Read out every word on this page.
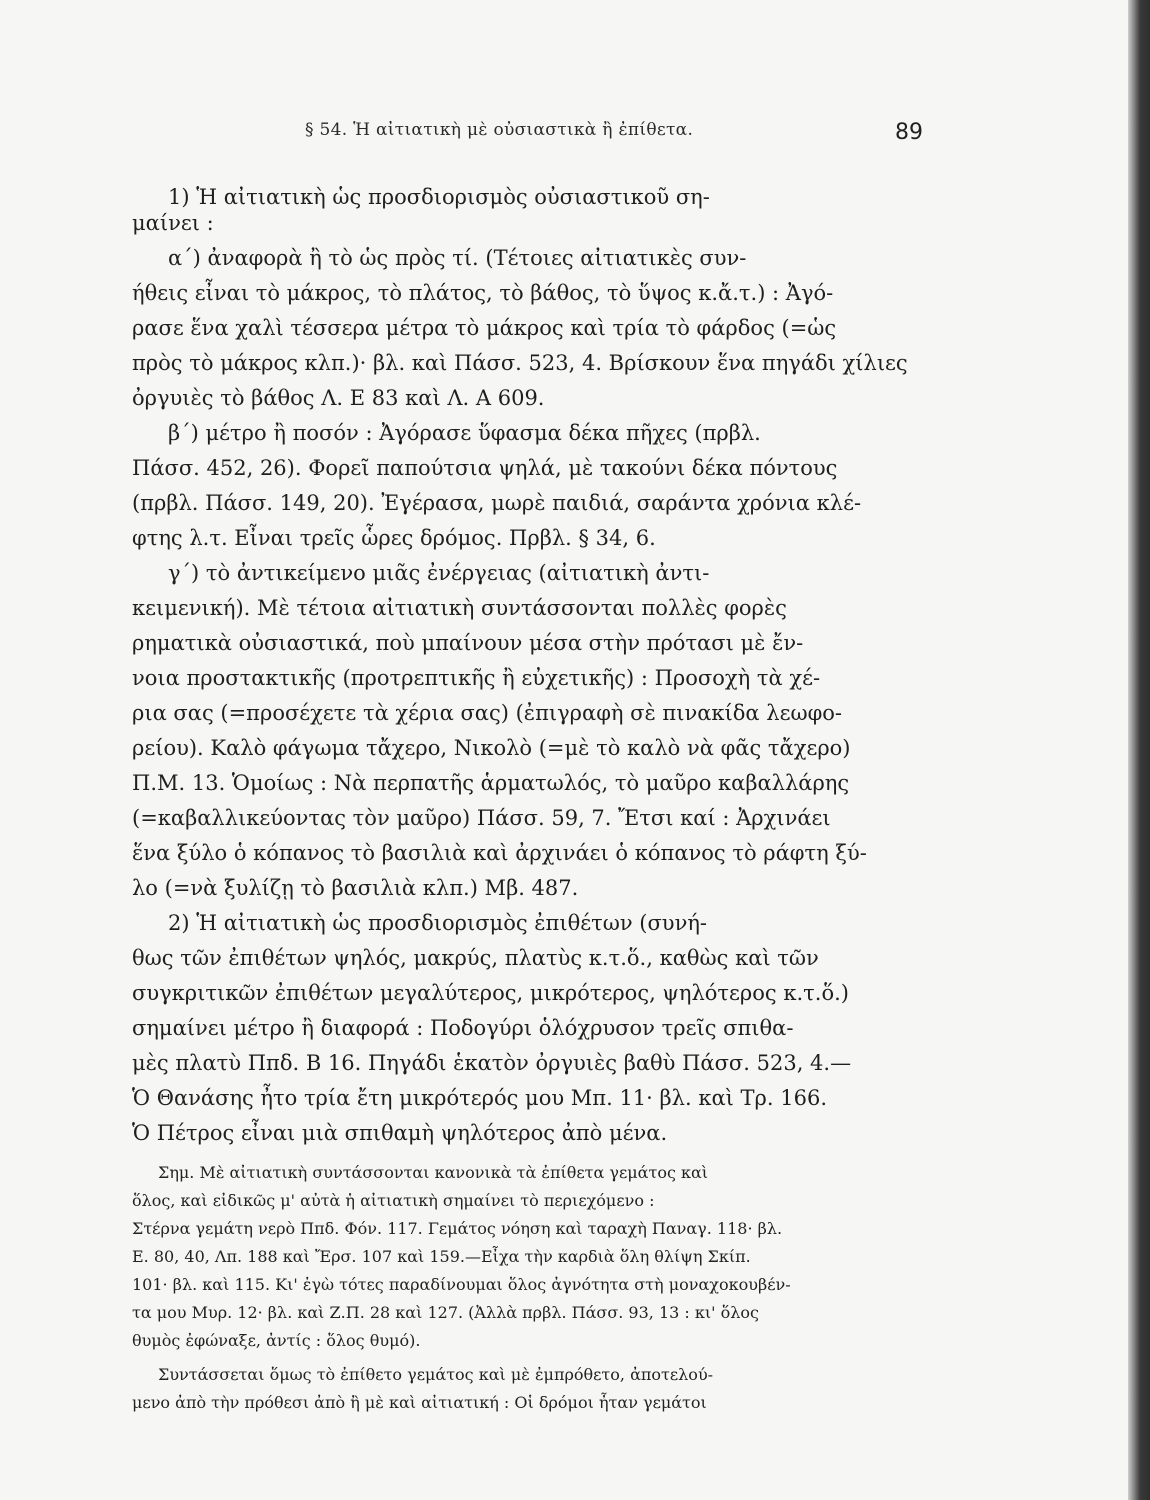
§ 54. Ἡ αἰτιατικὴ μὲ οὐσιαστικὰ ἢ ἐπίθετα.	89
1) Ἡ αἰτιατικὴ ὡς προσδιορισμὸς οὐσιαστικοῦ ση-
μαίνει :
α΄) ἀναφορὰ ἢ τὸ ὡς πρὸς τί. (Τέτοιες αἰτιατικὲς συν-
ήθεις εἶναι τὸ μάκρος, τὸ πλάτος, τὸ βάθος, τὸ ὕψος κ.ἄ.τ.) : Ἀγό-
ρασε ἕνα χαλὶ τέσσερα μέτρα τὸ μάκρος καὶ τρία τὸ φάρδος (=ὡς
πρὸς τὸ μάκρος κλπ.)· βλ. καὶ Πάσσ. 523, 4. Βρίσκουν ἕνα πηγάδι χίλιες
ὀργυιὲς τὸ βάθος Λ. Ε 83 καὶ Λ. Α 609.
β΄) μέτρο ἢ ποσόν : Ἀγόρασε ὕφασμα δέκα πῆχες (πρβλ.
Πάσσ. 452, 26). Φορεῖ παπούτσια ψηλά, μὲ τακούνι δέκα πόντους
(πρβλ. Πάσσ. 149, 20). Ἐγέρασα, μωρὲ παιδιά, σαράντα χρόνια κλέ-
φτης λ.τ. Εἶναι τρεῖς ὧρες δρόμος. Πρβλ. § 34, 6.
γ΄) τὸ ἀντικείμενο μιᾶς ἐνέργειας (αἰτιατικὴ ἀντι-
κειμενική). Μὲ τέτοια αἰτιατικὴ συντάσσονται πολλὲς φορὲς
ρηματικὰ οὐσιαστικά, ποὺ μπαίνουν μέσα στὴν πρότασι μὲ ἔν-
νοια προστακτικῆς (προτρεπτικῆς ἢ εὐχετικῆς) : Προσοχὴ τὰ χέ-
ρια σας (=προσέχετε τὰ χέρια σας) (ἐπιγραφὴ σὲ πινακίδα λεωφο-
ρείου). Καλὸ φάγωμα τἄχερο, Νικολὸ (=μὲ τὸ καλὸ νὰ φᾶς τἄχερο)
Π.Μ. 13. Ὁμοίως : Νὰ περπατῆς ἁρματωλός, τὸ μαῦρο καβαλλάρης
(=καβαλλικεύοντας τὸν μαῦρο) Πάσσ. 59, 7. Ἔτσι καί : Ἀρχινάει
ἕνα ξύλο ὁ κόπανος τὸ βασιλιὰ καὶ ἀρχινάει ὁ κόπανος τὸ ράφτη ξύ-
λο (=νὰ ξυλίζῃ τὸ βασιλιὰ κλπ.) Μβ. 487.
2) Ἡ αἰτιατικὴ ὡς προσδιορισμὸς ἐπιθέτων (συνή-
θως τῶν ἐπιθέτων ψηλός, μακρύς, πλατὺς κ.τ.ὅ., καθὼς καὶ τῶν
συγκριτικῶν ἐπιθέτων μεγαλύτερος, μικρότερος, ψηλότερος κ.τ.ὅ.)
σημαίνει μέτρο ἢ διαφορά : Ποδογύρι ὁλόχρυσον τρεῖς σπιθα-
μὲς πλατὺ Ππδ. Β 16. Πηγάδι ἑκατὸν ὀργυιὲς βαθὺ Πάσσ. 523, 4.—
Ὁ Θανάσης ἦτο τρία ἔτη μικρότερός μου Μπ. 11· βλ. καὶ Τρ. 166.
Ὁ Πέτρος εἶναι μιὰ σπιθαμὴ ψηλότερος ἀπὸ μένα.
Σημ. Μὲ αἰτιατικὴ συντάσσονται κανονικὰ τὰ ἐπίθετα γεμάτος καὶ
ὅλος, καὶ εἰδικῶς μ' αὐτὰ ἡ αἰτιατικὴ σημαίνει τὸ περιεχόμενο :
Στέρνα γεμάτη νερὸ Ππδ. Φόν. 117. Γεμάτος νόηση καὶ ταραχὴ Παναγ. 118· βλ.
Ε. 80, 40, Λπ. 188 καὶ Ἔρσ. 107 καὶ 159.—Εἶχα τὴν καρδιὰ ὅλη θλίψη Σκίπ.
101· βλ. καὶ 115. Κι' ἐγὼ τότες παραδίνουμαι ὅλος ἀγνότητα στὴ μοναχοκουβέν-
τα μου Μυρ. 12· βλ. καὶ Ζ.Π. 28 καὶ 127. (Ἀλλὰ πρβλ. Πάσσ. 93, 13 : κι' ὅλος
θυμὸς ἐφώναξε, ἀντίς : ὅλος θυμό).
Συντάσσεται ὅμως τὸ ἐπίθετο γεμάτος καὶ μὲ ἐμπρόθετο, ἀποτελού-
μενο ἀπὸ τὴν πρόθεσι ἀπὸ ἢ μὲ καὶ αἰτιατική : Οἱ δρόμοι ἦταν γεμάτοι
